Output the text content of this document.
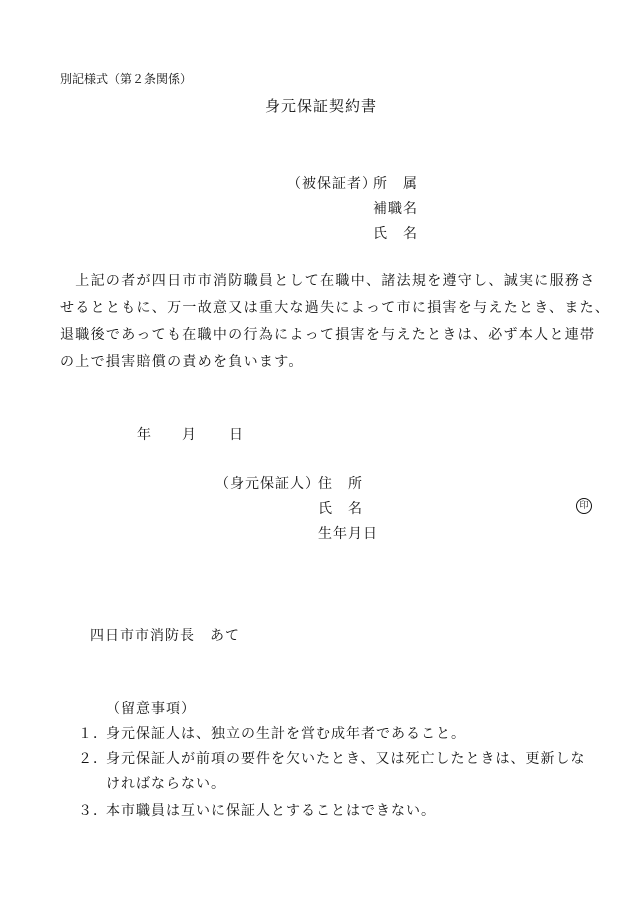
別記様式（第２条関係）
身元保証契約書
（被保証者）
所　属
補職名
氏　名

　上記の者が四日市市消防職員として在職中、諸法規を遵守し、誠実に服務さ
せるとともに、万一故意又は重大な過失によって市に損害を与えたとき、また、
退職後であっても在職中の行為によって損害を与えたときは、必ず本人と連帯
の上で損害賠償の責めを負います。

年 月 日
（身元保証人）
住　所
氏　名
生年月日
印
四日市市消防長　あて
（留意事項）
１．
身元保証人は、独立の生計を営む成年者であること。
２．
身元保証人が前項の要件を欠いたとき、又は死亡したときは、更新しな
ければならない。
３．
本市職員は互いに保証人とすることはできない。
